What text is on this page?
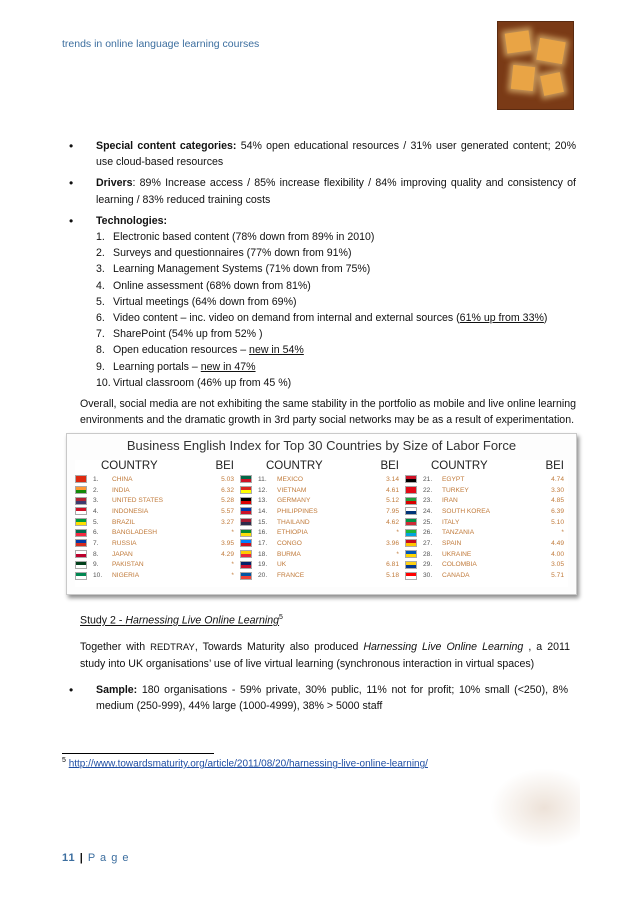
trends in online language learning courses
• Special content categories: 54% open educational resources / 31% user generated content; 20% use cloud-based resources
• Drivers: 89% Increase access / 85% increase flexibility / 84% improving quality and consistency of learning / 83% reduced training costs
• Technologies:
1. Electronic based content (78% down from 89% in 2010)
2. Surveys and questionnaires (77% down from 91%)
3. Learning Management Systems (71% down from 75%)
4. Online assessment (68% down from 81%)
5. Virtual meetings (64% down from 69%)
6. Video content – inc. video on demand from internal and external sources (61% up from 33%)
7. SharePoint (54% up from 52% )
8. Open education resources – new in 54%
9. Learning portals – new in 47%
10. Virtual classroom (46% up from 45 %)

Overall, social media are not exhibiting the same stability in the portfolio as mobile and live online learning environments and the dramatic growth in 3rd party social networks may be as a result of experimentation.

Business English Index for Top 30 Countries by Size of Labor Force
COUNTRY	BEI
1.	CHINA	5.03
2.	INDIA	6.32
3.	UNITED STATES	5.28
4.	INDONESIA	5.57
5.	BRAZIL	3.27
6.	BANGLADESH	*
7.	RUSSIA	3.95
8.	JAPAN	4.29
9.	PAKISTAN	*
10.	NIGERIA	*
COUNTRY	BEI
11.	MEXICO	3.14
12.	VIETNAM	4.61
13.	GERMANY	5.12
14.	PHILIPPINES	7.95
15.	THAILAND	4.62
16.	ETHIOPIA	*
17.	CONGO	3.96
18.	BURMA	*
19.	UK	6.81
20.	FRANCE	5.18
COUNTRY	BEI
21.	EGYPT	4.74
22.	TURKEY	3.30
23.	IRAN	4.85
24.	SOUTH KOREA	6.39
25.	ITALY	5.10
26.	TANZANIA	*
27.	SPAIN	4.49
28.	UKRAINE	4.00
29.	COLOMBIA	3.05
30.	CANADA	5.71
Study 2 - Harnessing Live Online Learning$^5$
Together with REDTRAY, Towards Maturity also produced Harnessing Live Online Learning , a 2011 study into UK organisations’ use of live virtual learning (synchronous interaction in virtual spaces)
• Sample: 180 organisations - 59% private, 30% public, 11% not for profit; 10% small (<250), 8% medium (250-999), 44% large (1000-4999), 38% > 5000 staff
$^5$ http://www.towardsmaturity.org/article/2011/08/20/harnessing-live-online-learning/
11 | P a g e
